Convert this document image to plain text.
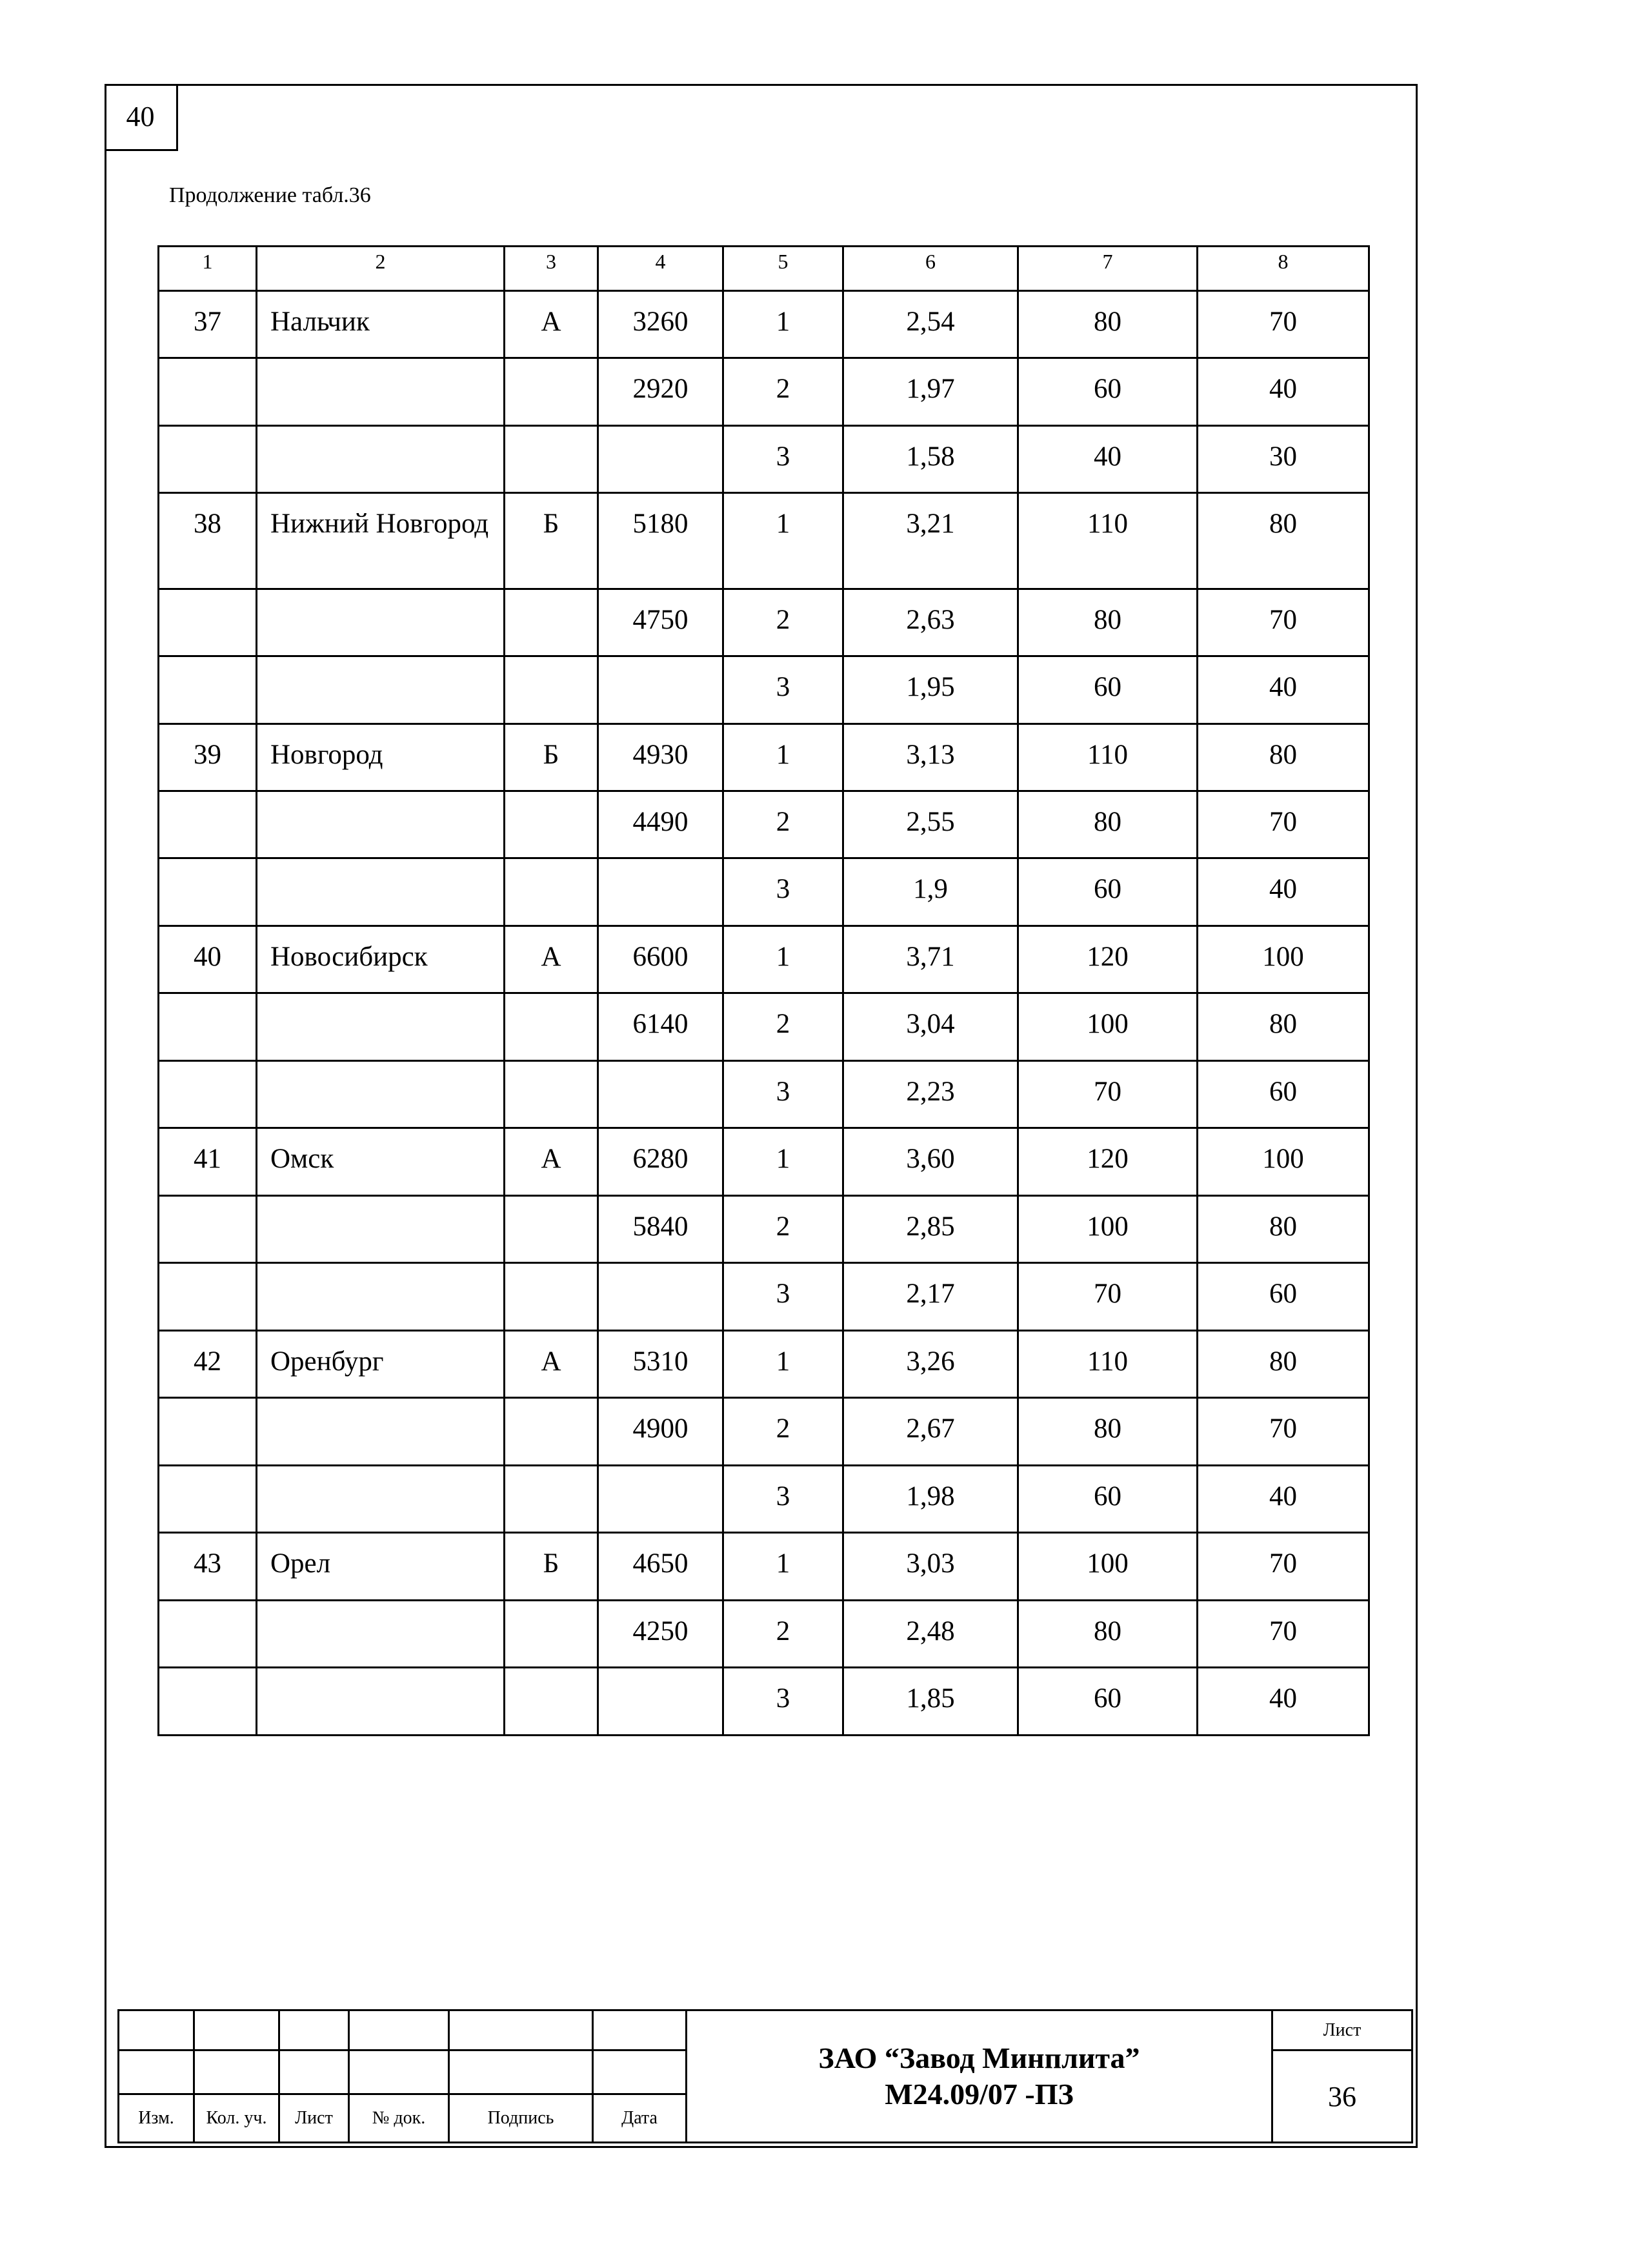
40
Продолжение табл.36
1	2	3	4	5	6	7	8
37	Нальчик	А	3260	1	2,54	80	70
			2920	2	1,97	60	40
				3	1,58	40	30
38	Нижний Новгород	Б	5180	1	3,21	110	80
			4750	2	2,63	80	70
				3	1,95	60	40
39	Новгород	Б	4930	1	3,13	110	80
			4490	2	2,55	80	70
				3	1,9	60	40
40	Новосибирск	А	6600	1	3,71	120	100
			6140	2	3,04	100	80
				3	2,23	70	60
41	Омск	А	6280	1	3,60	120	100
			5840	2	2,85	100	80
				3	2,17	70	60
42	Оренбург	А	5310	1	3,26	110	80
			4900	2	2,67	80	70
				3	1,98	60	40
43	Орел	Б	4650	1	3,03	100	70
			4250	2	2,48	80	70
				3	1,85	60	40

						ЗАО “Завод Минплита”
М24.09/07 -ПЗ	Лист
							36
Изм.	Кол. уч.	Лист	№ док.	Подпись	Дата		
